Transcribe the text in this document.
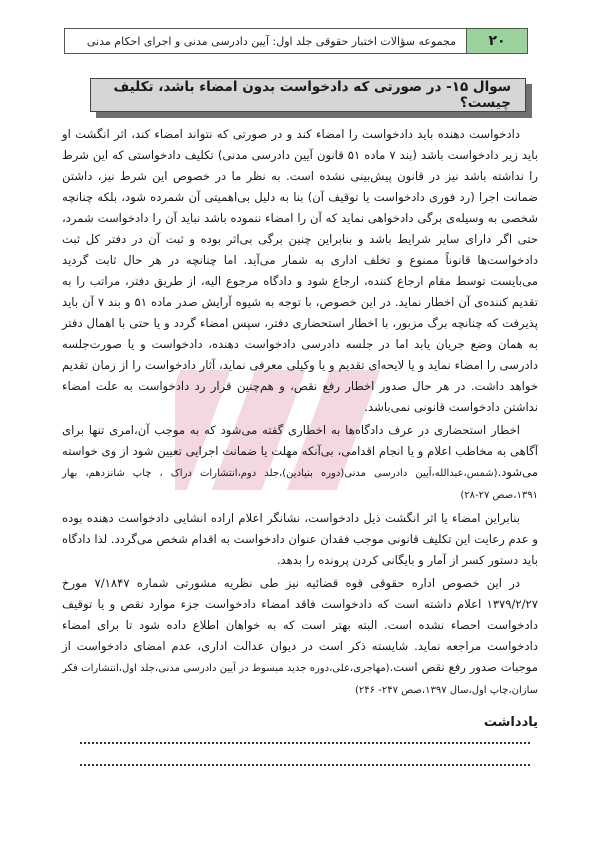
۲۰
مجموعه سؤالات اختبار حقوقی جلد اول: آیین دادرسی مدنی و اجرای احکام مدنی
سوال ۱۵- در صورتی که دادخواست بدون امضاء باشد، تکلیف چیست؟

دادخواست دهنده باید دادخواست را امضاء کند و در صورتی که نتواند امضاء کند، اثر انگشت او باید زیر دادخواست باشد (بند ۷ ماده ۵۱ قانون آیین دادرسی مدنی) تکلیف دادخواستی که این شرط را نداشته باشد نیز در قانون پیش‌بینی نشده است. به نظر ما در خصوص این شرط نیز، داشتن ضمانت اجرا (رد فوری دادخواست یا توقیف آن) بنا به دلیل بی‌اهمیتی آن شمرده شود، بلکه چنانچه شخصی به وسیله‌ی برگی دادخواهی نماید که آن را امضاء ننموده باشد نباید آن را دادخواست شمرد، حتی اگر دارای سایر شرایط باشد و بنابراین چنین برگی بی‌اثر بوده و ثبت آن در دفتر کل ثبت دادخواست‌ها قانوناً ممنوع و تخلف اداری به شمار می‌آید. اما چنانچه در هر حال ثابت گردید می‌بایست توسط مقام ارجاع کننده، ارجاع شود و دادگاه مرجوع الیه، از طریق دفتر، مراتب را به تقدیم کننده‌ی آن اخطار نماید. در این خصوص، با توجه به شیوه آرایش صدر ماده ۵۱ و بند ۷ آن باید پذیرفت که چنانچه برگ مزبور، با اخطار استحضاری دفتر، سپس امضاء گردد و یا حتی با اهمال دفتر به همان وضع جریان یابد اما در جلسه دادرسی دادخواست دهنده، دادخواست و یا صورت‌جلسه دادرسی را امضاء نماید و یا لایحه‌ای تقدیم و یا وکیلی معرفی نماید، آثار دادخواست را از زمان تقدیم خواهد داشت. در هر حال صدور اخطار رفع نقص، و هم‌چنین قرار رد دادخواست به علت امضاء نداشتن دادخواست قانونی نمی‌باشد.

اخطار استحضاری در عرف دادگاه‌ها به اخطاری گفته می‌شود که به موجب آن،امری تنها برای آگاهی به مخاطب اعلام و یا انجام اقدامی، بی‌آنکه مهلت یا ضمانت اجرایی تعیین شود از وی خواسته می‌شود.(شمس،عبدالله،آیین دادرسی مدنی(دوره بنیادین)،جلد دوم،انتشارات دراک ، چاپ شانزدهم، بهار ۱۳۹۱،صص ۲۷-۲۸)

بنابراین امضاء یا اثر انگشت ذیل دادخواست، نشانگر اعلام اراده انشایی دادخواست دهنده بوده و عدم رعایت این تکلیف قانونی موجب فقدان عنوان دادخواست به اقدام شخص می‌گردد. لذا دادگاه باید دستور کسر از آمار و بایگانی کردن پرونده را بدهد.

در این خصوص اداره حقوقی قوه قضائیه نیز طی نظریه مشورتی شماره ۷/۱۸۴۷ مورخ ۱۳۷۹/۲/۲۷ اعلام داشته است که دادخواست فاقد امضاء دادخواست جزء موارد نقص و یا توقیف دادخواست احصاء نشده است. البته بهتر است که به خواهان اطلاع داده شود تا برای امضاء دادخواست مراجعه نماید. شایسته ذکر است در دیوان عدالت اداری، عدم امضای دادخواست از موجبات صدور رفع نقص است.(مهاجری،علی،دوره جدید مبسوط در آیین دادرسی مدنی،جلد اول،انتشارات فکر سازان،چاپ اول،سال ۱۳۹۷،صص ۲۴۷- ۲۴۶)

یادداشت
